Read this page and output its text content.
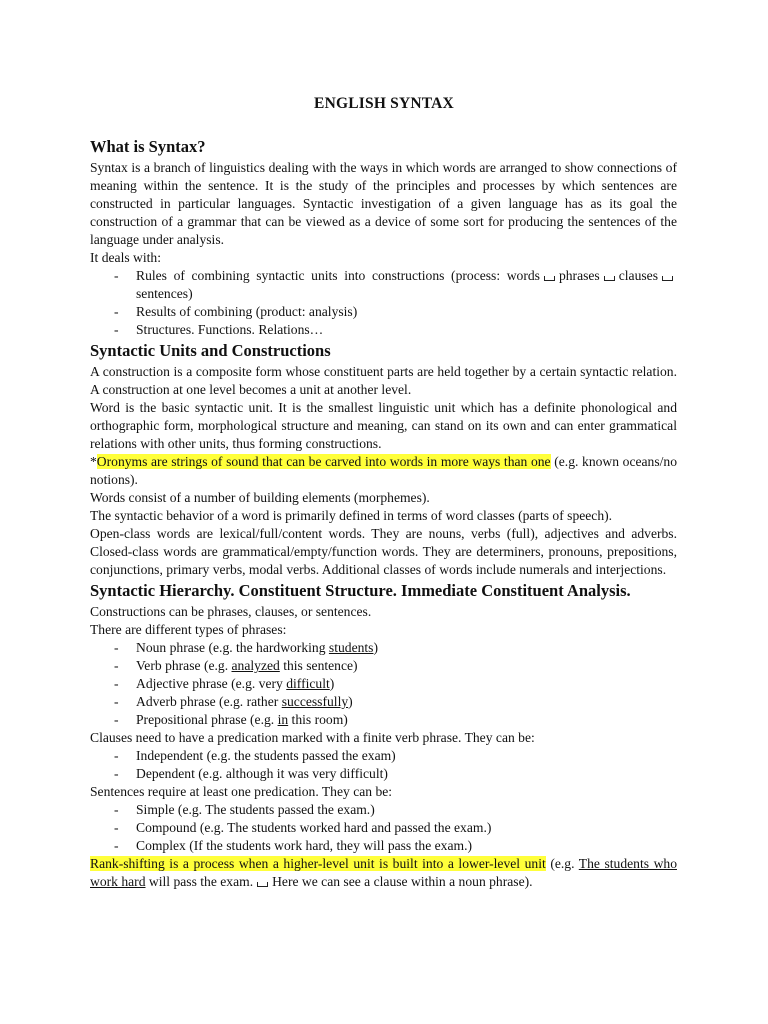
ENGLISH SYNTAX
What is Syntax?
Syntax is a branch of linguistics dealing with the ways in which words are arranged to show connections of meaning within the sentence. It is the study of the principles and processes by which sentences are constructed in particular languages. Syntactic investigation of a given language has as its goal the construction of a grammar that can be viewed as a device of some sort for producing the sentences of the language under analysis.
It deals with:
- Rules of combining syntactic units into constructions (process: words phrases clausessentences)
- Results of combining (product: analysis)
- Structures. Functions. Relations…
Syntactic Units and Constructions
A construction is a composite form whose constituent parts are held together by a certain syntactic relation. A construction at one level becomes a unit at another level.
Word is the basic syntactic unit. It is the smallest linguistic unit which has a definite phonological and orthographic form, morphological structure and meaning, can stand on its own and can enter grammatical relations with other units, thus forming constructions.
*Oronyms are strings of sound that can be carved into words in more ways than one (e.g. known oceans/no notions).
Words consist of a number of building elements (morphemes).
The syntactic behavior of a word is primarily defined in terms of word classes (parts of speech).
Open-class words are lexical/full/content words. They are nouns, verbs (full), adjectives and adverbs. Closed-class words are grammatical/empty/function words. They are determiners, pronouns, prepositions, conjunctions, primary verbs, modal verbs. Additional classes of words include numerals and interjections.
Syntactic Hierarchy. Constituent Structure. Immediate Constituent Analysis.
Constructions can be phrases, clauses, or sentences.
There are different types of phrases:
- Noun phrase (e.g. the hardworking students)
- Verb phrase (e.g. analyzed this sentence)
- Adjective phrase (e.g. very difficult)
- Adverb phrase (e.g. rather successfully)
- Prepositional phrase (e.g. in this room)
Clauses need to have a predication marked with a finite verb phrase. They can be:
- Independent (e.g. the students passed the exam)
- Dependent (e.g. although it was very difficult)
Sentences require at least one predication. They can be:
- Simple (e.g. The students passed the exam.)
- Compound (e.g. The students worked hard and passed the exam.)
- Complex (If the students work hard, they will pass the exam.)
Rank-shifting is a process when a higher-level unit is built into a lower-level unit (e.g. The students who work hard will pass the exam. Here we can see a clause within a noun phrase).
